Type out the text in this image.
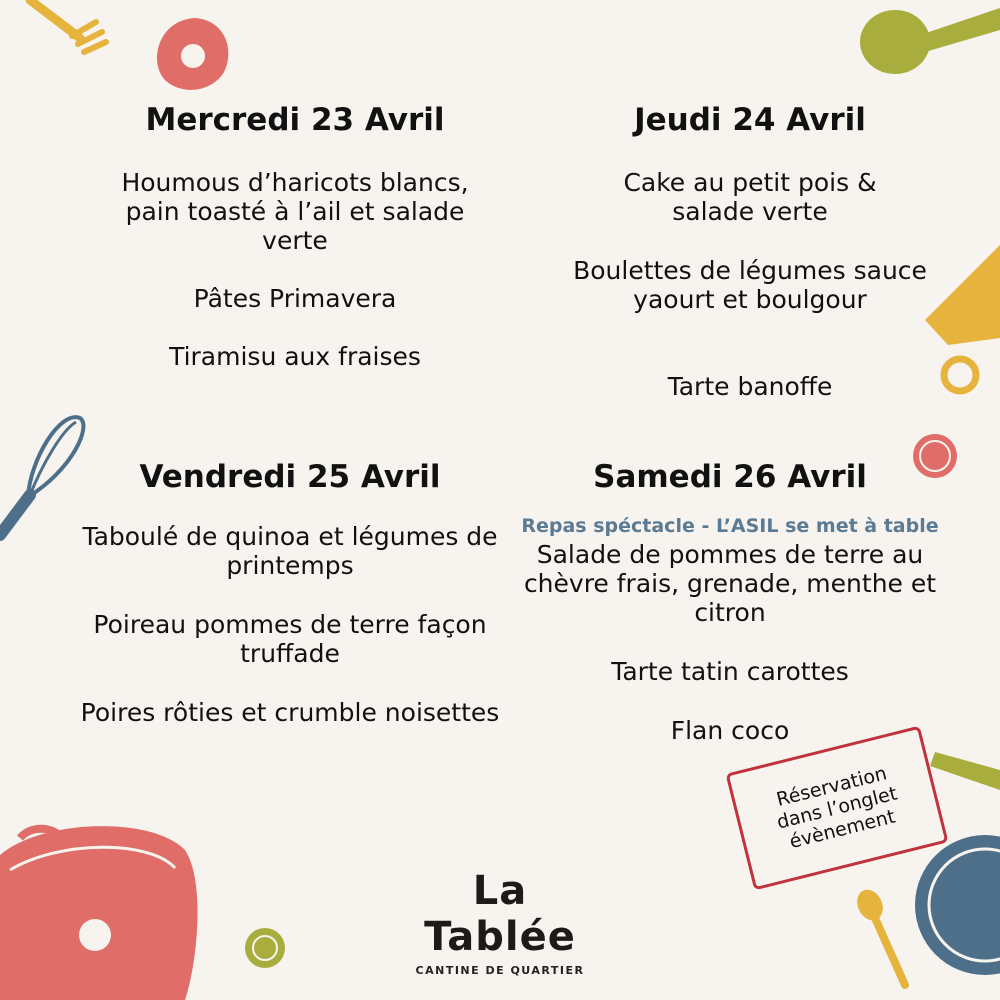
Mercredi 23 Avril

Houmous d’haricots blancs, pain toasté à l’ail et salade verte

Pâtes Primavera

Tiramisu aux fraises

Jeudi 24 Avril

Cake au petit pois & salade verte

Boulettes de légumes sauce yaourt et boulgour

Tarte banoffe

Vendredi 25 Avril

Taboulé de quinoa et légumes de printemps

Poireau pommes de terre façon truffade

Poires rôties et crumble noisettes

Samedi 26 Avril

Repas spéctacle - L’ASIL se met à table

Salade de pommes de terre au chèvre frais, grenade, menthe et citron

Tarte tatin carottes

Flan coco

Réservation dans l’onglet évènement
La Tablée
CANTINE DE QUARTIER
